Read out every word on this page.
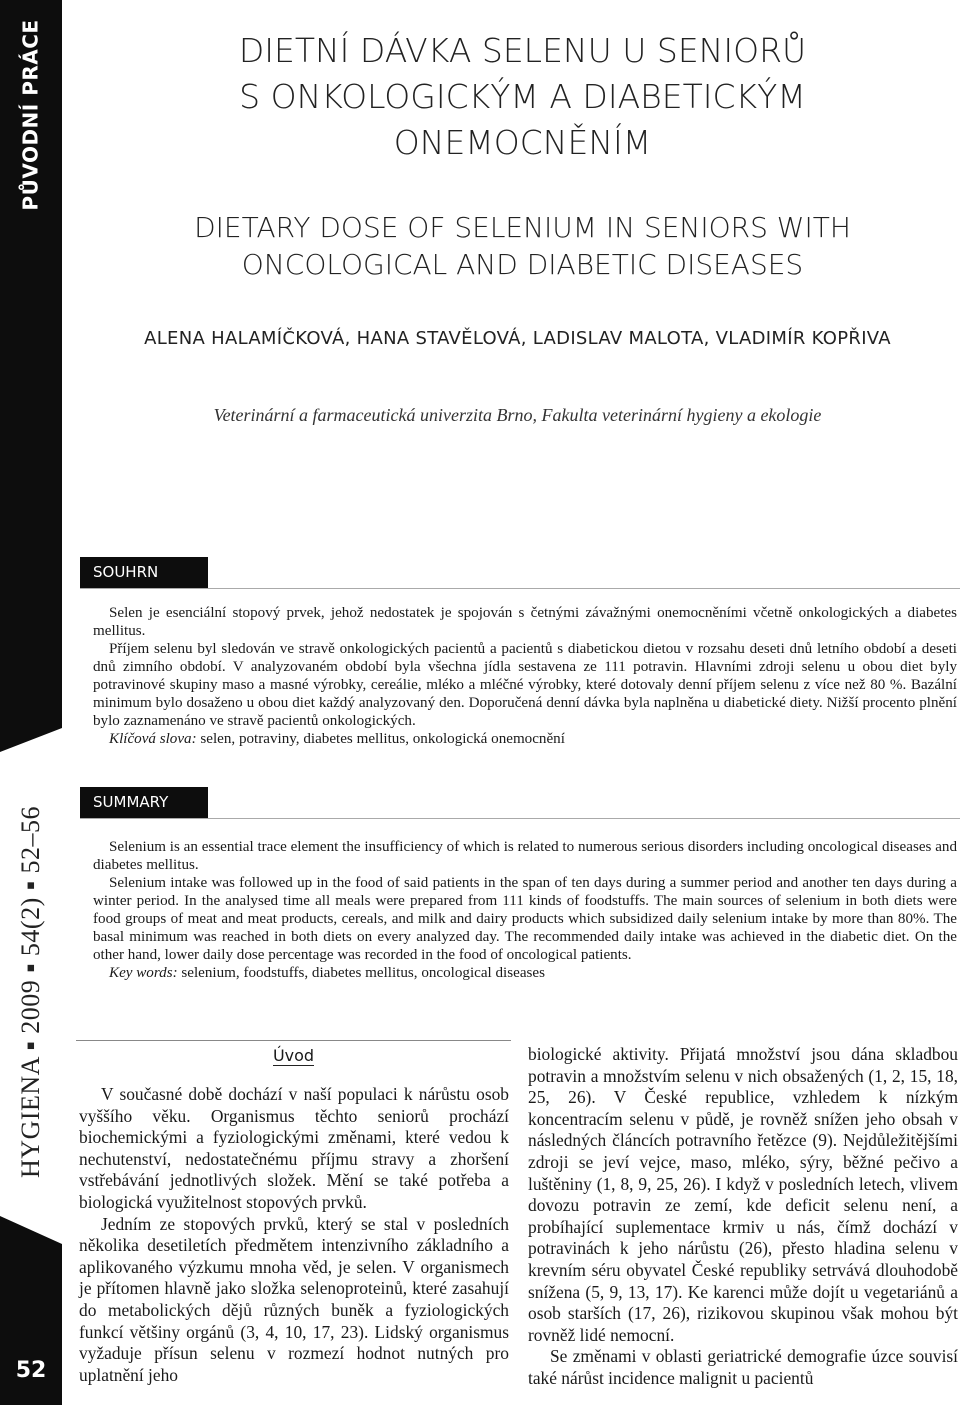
PŮVODNÍ PRÁCE
HYGIENA ▪ 2009 ▪ 54(2) ▪ 52–56
52
DIETNÍ DÁVKA SELENU U SENIORŮ
S ONKOLOGICKÝM A DIABETICKÝM
ONEMOCNĚNÍM
DIETARY DOSE OF SELENIUM IN SENIORS WITH
ONCOLOGICAL AND DIABETIC DISEASES
ALENA HALAMÍČKOVÁ, HANA STAVĚLOVÁ, LADISLAV MALOTA, VLADIMÍR KOPŘIVA
Veterinární a farmaceutická univerzita Brno, Fakulta veterinární hygieny a ekologie
SOUHRN

Selen je esenciální stopový prvek, jehož nedostatek je spojován s četnými závažnými onemocněními včetně onkologických a diabetes mellitus.

Příjem selenu byl sledován ve stravě onkologických pacientů a pacientů s diabetickou dietou v rozsahu deseti dnů letního období a deseti dnů zimního období. V analyzovaném období byla všechna jídla sestavena ze 111 potravin. Hlavními zdroji selenu u obou diet byly potravinové skupiny maso a masné výrobky, cereálie, mléko a mléčné výrobky, které dotovaly denní příjem selenu z více než 80 %. Bazální minimum bylo dosaženo u obou diet každý analyzovaný den. Doporučená denní dávka byla naplněna u diabetické diety. Nižší procento plnění bylo zaznamenáno ve stravě pacientů onkologických.

Klíčová slova: selen, potraviny, diabetes mellitus, onkologická onemocnění

SUMMARY

Selenium is an essential trace element the insufficiency of which is related to numerous serious disorders including oncological diseases and diabetes mellitus.

Selenium intake was followed up in the food of said patients in the span of ten days during a summer period and another ten days during a winter period. In the analysed time all meals were prepared from 111 kinds of foodstuffs. The main sources of selenium in both diets were food groups of meat and meat products, cereals, and milk and dairy products which subsidized daily selenium intake by more than 80%. The basal minimum was reached in both diets on every analyzed day. The recommended daily intake was achieved in the diabetic diet. On the other hand, lower daily dose percentage was recorded in the food of oncological patients.

Key words: selenium, foodstuffs, diabetes mellitus, oncological diseases

Úvod

V současné době dochází v naší populaci k nárůstu osob vyššího věku. Organismus těchto seniorů prochází biochemickými a fyziologickými změnami, které vedou k nechutenství, nedostatečnému příjmu stravy a zhoršení vstřebávání jednotlivých složek. Mění se také potřeba a biologická využitelnost stopových prvků.

Jedním ze stopových prvků, který se stal v posledních několika desetiletích předmětem intenzivního základního a aplikovaného výzkumu mnoha věd, je selen. V organismech je přítomen hlavně jako složka selenoproteinů, které zasahují do metabolických dějů různých buněk a fyziologických funkcí většiny orgánů (3, 4, 10, 17, 23). Lidský organismus vyžaduje přísun selenu v rozmezí hodnot nutných pro uplatnění jeho

biologické aktivity. Přijatá množství jsou dána skladbou potravin a množstvím selenu v nich obsažených (1, 2, 15, 18, 25, 26). V České republice, vzhledem k nízkým koncentracím selenu v půdě, je rovněž snížen jeho obsah v následných článcích potravního řetězce (9). Nejdůležitějšími zdroji se jeví vejce, maso, mléko, sýry, běžné pečivo a luštěniny (1, 8, 9, 25, 26). I když v posledních letech, vlivem dovozu potravin ze zemí, kde deficit selenu není, a probíhající suplementace krmiv u nás, čímž dochází v potravinách k jeho nárůstu (26), přesto hladina selenu v krevním séru obyvatel České republiky setrvává dlouhodobě snížena (5, 9, 13, 17). Ke karenci může dojít u vegetariánů a osob starších (17, 26), rizikovou skupinou však mohou být rovněž lidé nemocní.

Se změnami v oblasti geriatrické demografie úzce souvisí také nárůst incidence malignit u pacientů
